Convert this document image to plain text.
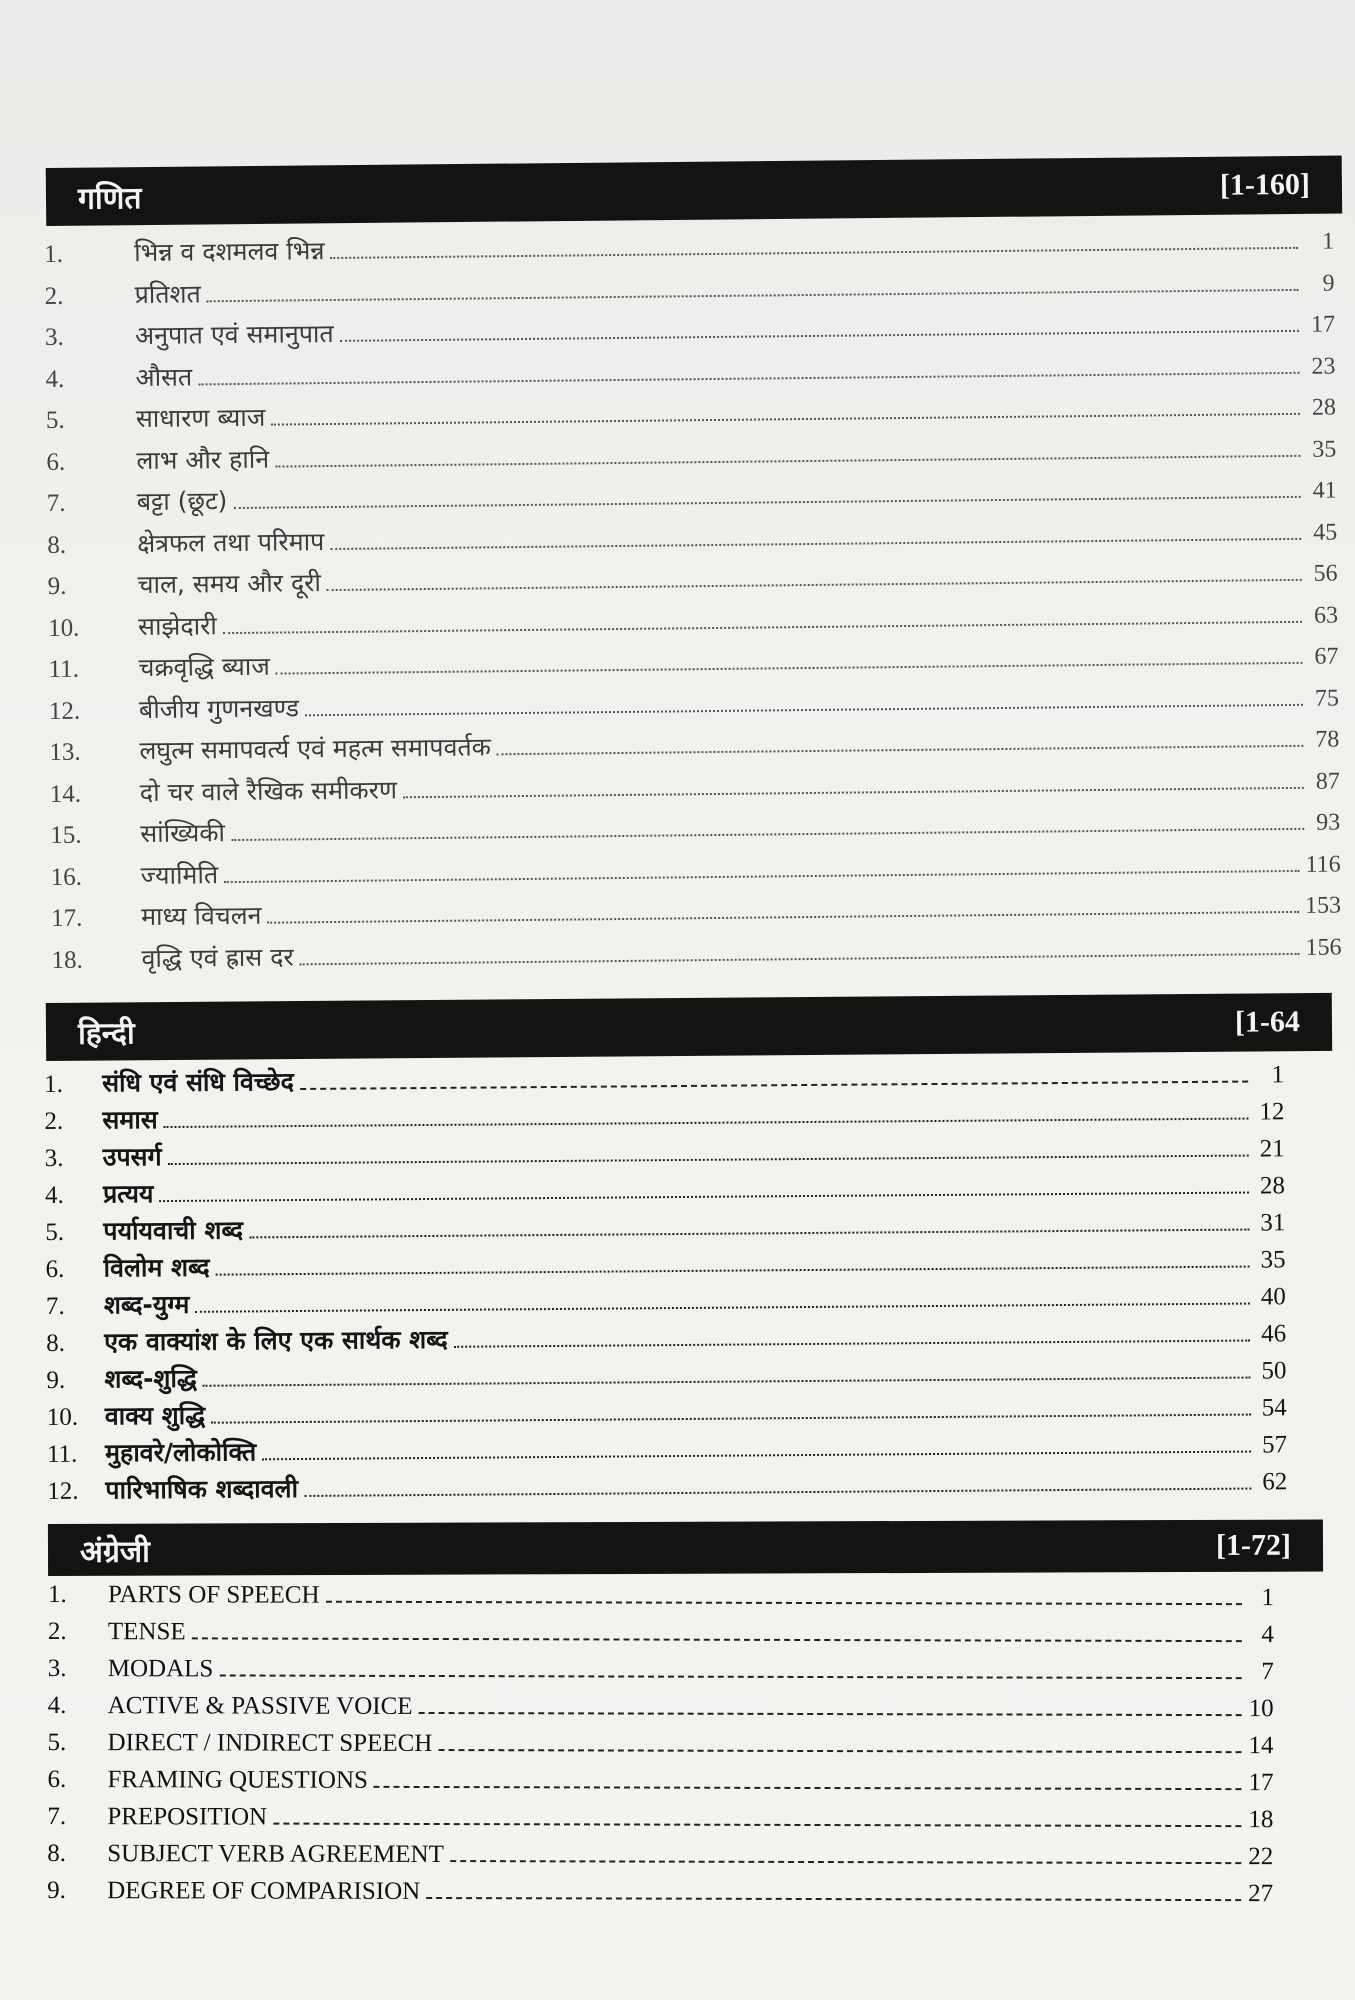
गणित	[1-160]
हिन्दी	[1-64
अंग्रेजी	[1-72]
1.	भिन्न व दशमलव भिन्न	1
2.	प्रतिशत	9
3.	अनुपात एवं समानुपात	17
4.	औसत	23
5.	साधारण ब्याज	28
6.	लाभ और हानि	35
7.	बट्टा (छूट)	41
8.	क्षेत्रफल तथा परिमाप	45
9.	चाल, समय और दूरी	56
10.	साझेदारी	63
11.	चक्रवृद्धि ब्याज	67
12.	बीजीय गुणनखण्ड	75
13.	लघुत्म समापवर्त्य एवं महत्म समापवर्तक	78
14.	दो चर वाले रैखिक समीकरण	87
15.	सांख्यिकी	93
16.	ज्यामिति	116
17.	माध्य विचलन	153
18.	वृद्धि एवं ह्रास दर	156
1.	संधि एवं संधि विच्छेद	1
2.	समास	12
3.	उपसर्ग	21
4.	प्रत्यय	28
5.	पर्यायवाची शब्द	31
6.	विलोम शब्द	35
7.	शब्द-युग्म	40
8.	एक वाक्यांश के लिए एक सार्थक शब्द	46
9.	शब्द-शुद्धि	50
10.	वाक्य शुद्धि	54
11.	मुहावरे/लोकोक्ति	57
12.	पारिभाषिक शब्दावली	62
1.	PARTS OF SPEECH	1
2.	TENSE	4
3.	MODALS	7
4.	ACTIVE & PASSIVE VOICE	10
5.	DIRECT / INDIRECT SPEECH	14
6.	FRAMING QUESTIONS	17
7.	PREPOSITION	18
8.	SUBJECT VERB AGREEMENT	22
9.	DEGREE OF COMPARISION	27
